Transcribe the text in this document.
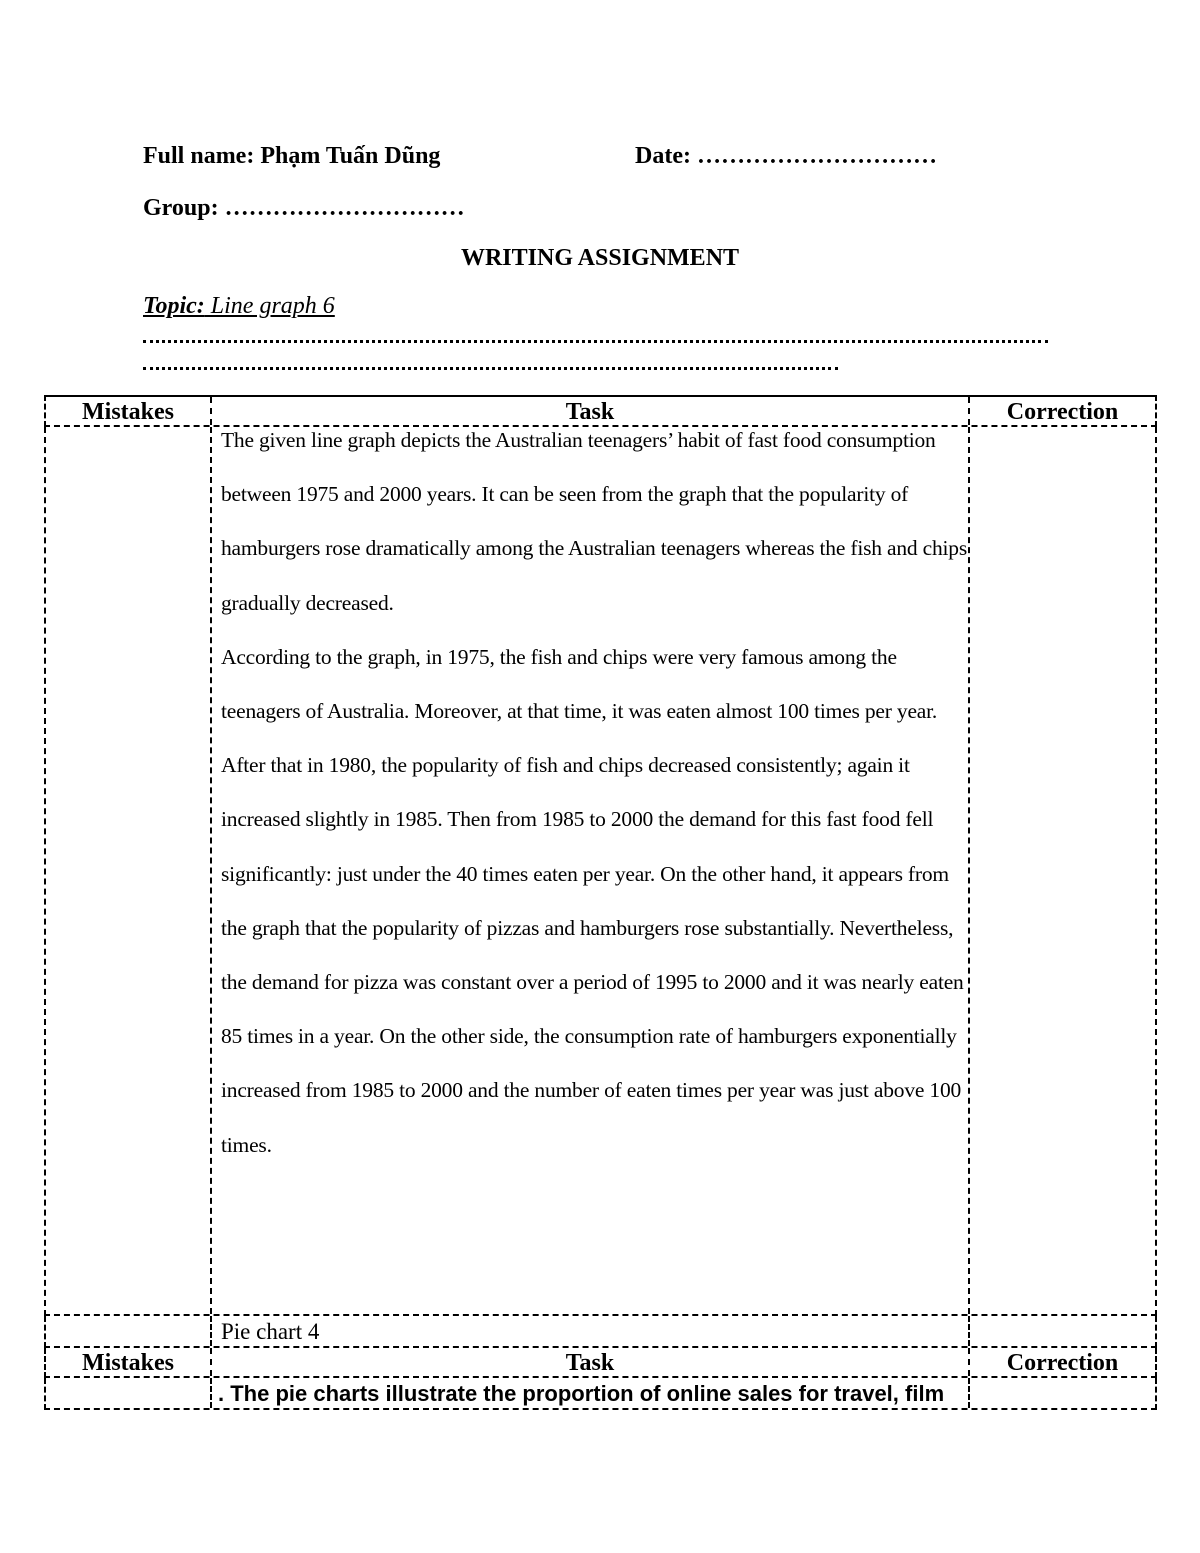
Full name: Phạm Tuấn Dũng	Date: …………………………
Group: …………………………
WRITING ASSIGNMENT
Topic: Line graph 6
Mistakes	Task	Correction

The given line graph depicts the Australian teenagers’ habit of fast food consumption between 1975 and 2000 years. It can be seen from the graph that the popularity of hamburgers rose dramatically among the Australian teenagers whereas the fish and chips gradually decreased.

According to the graph, in 1975, the fish and chips were very famous among the teenagers of Australia. Moreover, at that time, it was eaten almost 100 times per year. After that in 1980, the popularity of fish and chips decreased consistently; again it increased slightly in 1985. Then from 1985 to 2000 the demand for this fast food fell significantly: just under the 40 times eaten per year. On the other hand, it appears from the graph that the popularity of pizzas and hamburgers rose substantially. Nevertheless, the demand for pizza was constant over a period of 1995 to 2000 and it was nearly eaten 85 times in a year. On the other side, the consumption rate of hamburgers exponentially increased from 1985 to 2000 and the number of eaten times per year was just above 100 times.

Pie chart 4
Mistakes	Task	Correction
. The pie charts illustrate the proportion of online sales for travel, film
